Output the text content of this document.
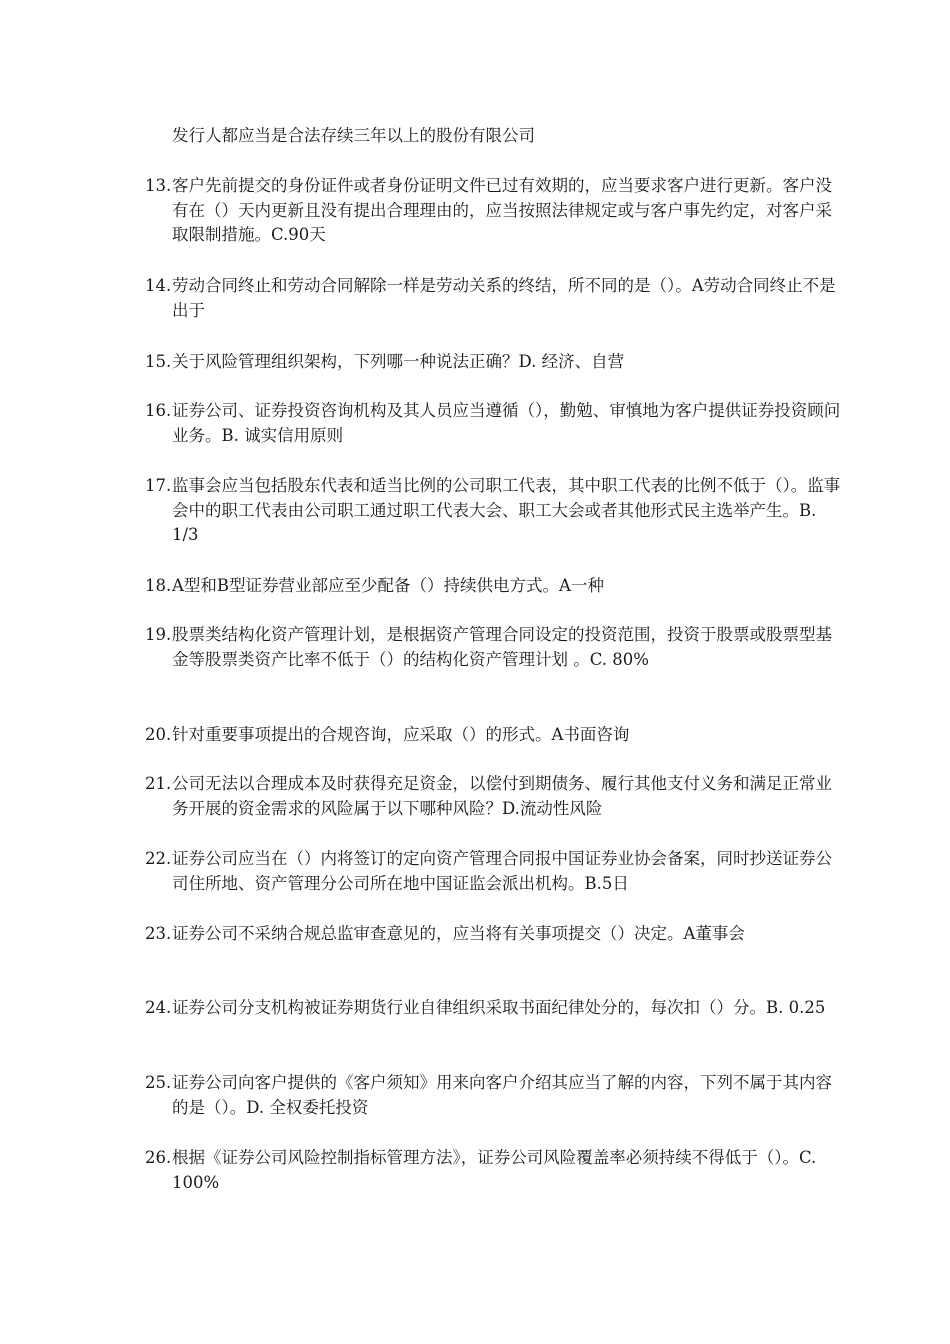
发行人都应当是合法存续三年以上的股份有限公司

13.客户先前提交的身份证件或者身份证明文件已过有效期的，应当要求客户进行更新。客户没有在（）天内更新且没有提出合理理由的，应当按照法律规定或与客户事先约定，对客户采取限制措施。C.90天

14.劳动合同终止和劳动合同解除一样是劳动关系的终结，所不同的是（）。A劳动合同终止不是出于

15.关于风险管理组织架构，下列哪一种说法正确？D. 经济、自营

16.证券公司、证券投资咨询机构及其人员应当遵循（），勤勉、审慎地为客户提供证券投资顾问业务。B. 诚实信用原则

17.监事会应当包括股东代表和适当比例的公司职工代表，其中职工代表的比例不低于（）。监事会中的职工代表由公司职工通过职工代表大会、职工大会或者其他形式民主选举产生。B. 1/3

18.A型和B型证券营业部应至少配备（）持续供电方式。A一种

19.股票类结构化资产管理计划，是根据资产管理合同设定的投资范围，投资于股票或股票型基金等股票类资产比率不低于（）的结构化资产管理计划 。C. 80%

20.针对重要事项提出的合规咨询，应采取（）的形式。A书面咨询

21.公司无法以合理成本及时获得充足资金，以偿付到期债务、履行其他支付义务和满足正常业务开展的资金需求的风险属于以下哪种风险？D.流动性风险

22.证券公司应当在（）内将签订的定向资产管理合同报中国证券业协会备案，同时抄送证券公司住所地、资产管理分公司所在地中国证监会派出机构。B.5日

23.证券公司不采纳合规总监审查意见的，应当将有关事项提交（）决定。A董事会

24.证券公司分支机构被证券期货行业自律组织采取书面纪律处分的，每次扣（）分。B. 0.25

25.证券公司向客户提供的《客户须知》用来向客户介绍其应当了解的内容，下列不属于其内容的是（）。D. 全权委托投资

26.根据《证券公司风险控制指标管理方法》，证券公司风险覆盖率必须持续不得低于（）。C. 100%
